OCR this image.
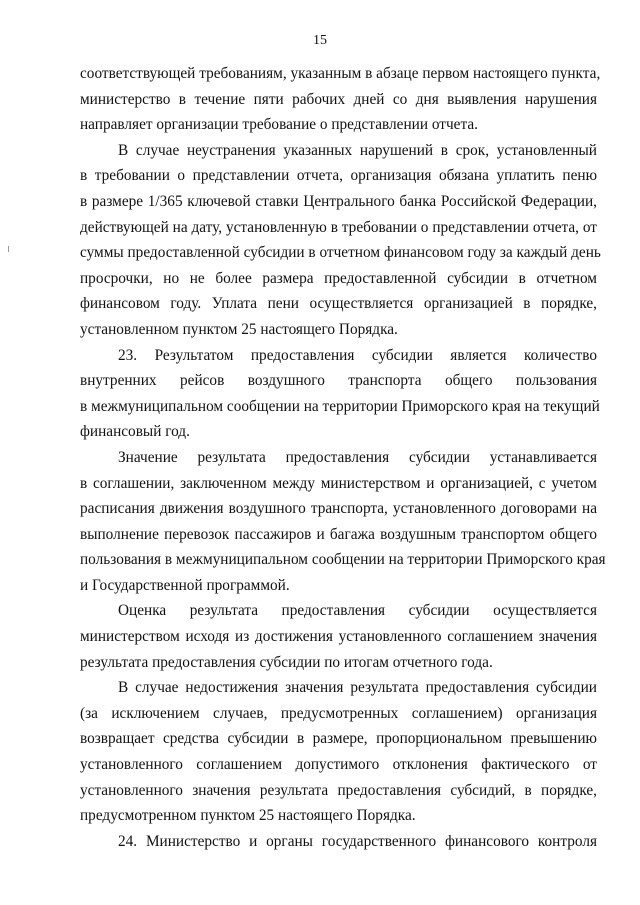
15
соответствующей требованиям, указанным в абзаце первом настоящего пункта,
министерство в течение пяти рабочих дней со дня выявления нарушения
направляет организации требование о представлении отчета.
В случае неустранения указанных нарушений в срок, установленный
в требовании о представлении отчета, организация обязана уплатить пеню
в размере 1/365 ключевой ставки Центрального банка Российской Федерации,
действующей на дату, установленную в требовании о представлении отчета, от
суммы предоставленной субсидии в отчетном финансовом году за каждый день
просрочки, но не более размера предоставленной субсидии в отчетном
финансовом году. Уплата пени осуществляется организацией в порядке,
установленном пунктом 25 настоящего Порядка.
23. Результатом предоставления субсидии является количество
внутренних рейсов воздушного транспорта общего пользования
в межмуниципальном сообщении на территории Приморского края на текущий
финансовый год.
Значение результата предоставления субсидии устанавливается
в соглашении, заключенном между министерством и организацией, с учетом
расписания движения воздушного транспорта, установленного договорами на
выполнение перевозок пассажиров и багажа воздушным транспортом общего
пользования в межмуниципальном сообщении на территории Приморского края
и Государственной программой.
Оценка результата предоставления субсидии осуществляется
министерством исходя из достижения установленного соглашением значения
результата предоставления субсидии по итогам отчетного года.
В случае недостижения значения результата предоставления субсидии
(за исключением случаев, предусмотренных соглашением) организация
возвращает средства субсидии в размере, пропорциональном превышению
установленного соглашением допустимого отклонения фактического от
установленного значения результата предоставления субсидий, в порядке,
предусмотренном пунктом 25 настоящего Порядка.
24. Министерство и органы государственного финансового контроля
